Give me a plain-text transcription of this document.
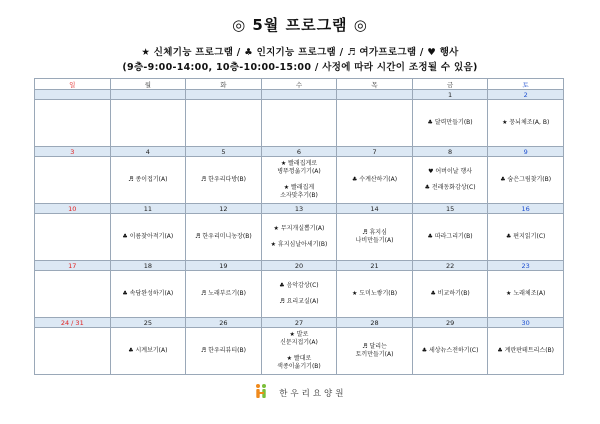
◎ 5월 프로그램 ◎
★ 신체기능 프로그램 / ♣ 인지기능 프로그램 / ♬ 여가프로그램 / ♥ 행사
(9층-9:00-14:00, 10층-10:00-15:00 / 사정에 따라 시간이 조정될 수 있음)
일	월	화	수	목	금	토
					1	2

					♣ 달력만들기(B)	★ 뭉뇌체조(A, B)

3	4	5	6	7	8	9

	♬ 종이접기(A)	♬ 한우리다방(B)	★ 빨래집게로
병뚜껑옮기기(A)
★ 빨래집게
소자맞추기(B)	♣ 수계산하기(A)	♥ 어버이날 행사
♣ 전래동화감상(C)	♣ 숨은그림찾기(B)

10	11	12	13	14	15	16

	♣ 이름찾아적기(A)	♬ 한우리미니농장(B)	★ 무지개실뽑기(A)
★ 휴지심날아세기(B)	♬ 휴지심
나비만들기(A)	♣ 따라그리기(B)	♣ 편지읽기(C)

17	18	19	20	21	22	23

	♣ 속담완성하기(A)	♬ 노래부르기(B)	♣ 음악감상(C)
♬ 요리교실(A)	★ 도미노쌓기(B)	♣ 비교하기(B)	★ 노래체조(A)

24 / 31	25	26	27	28	29	30

	♣ 시계보기(A)	♬ 한우리뷰티(B)	★ 발로
신문지접기(A)
★ 빨대로
색종이옮기기(B)	♬ 달리는
토끼만들기(A)	♣ 세상뉴스전하기(C)	♣ 계란판테트리스(B)
한우리요양원
